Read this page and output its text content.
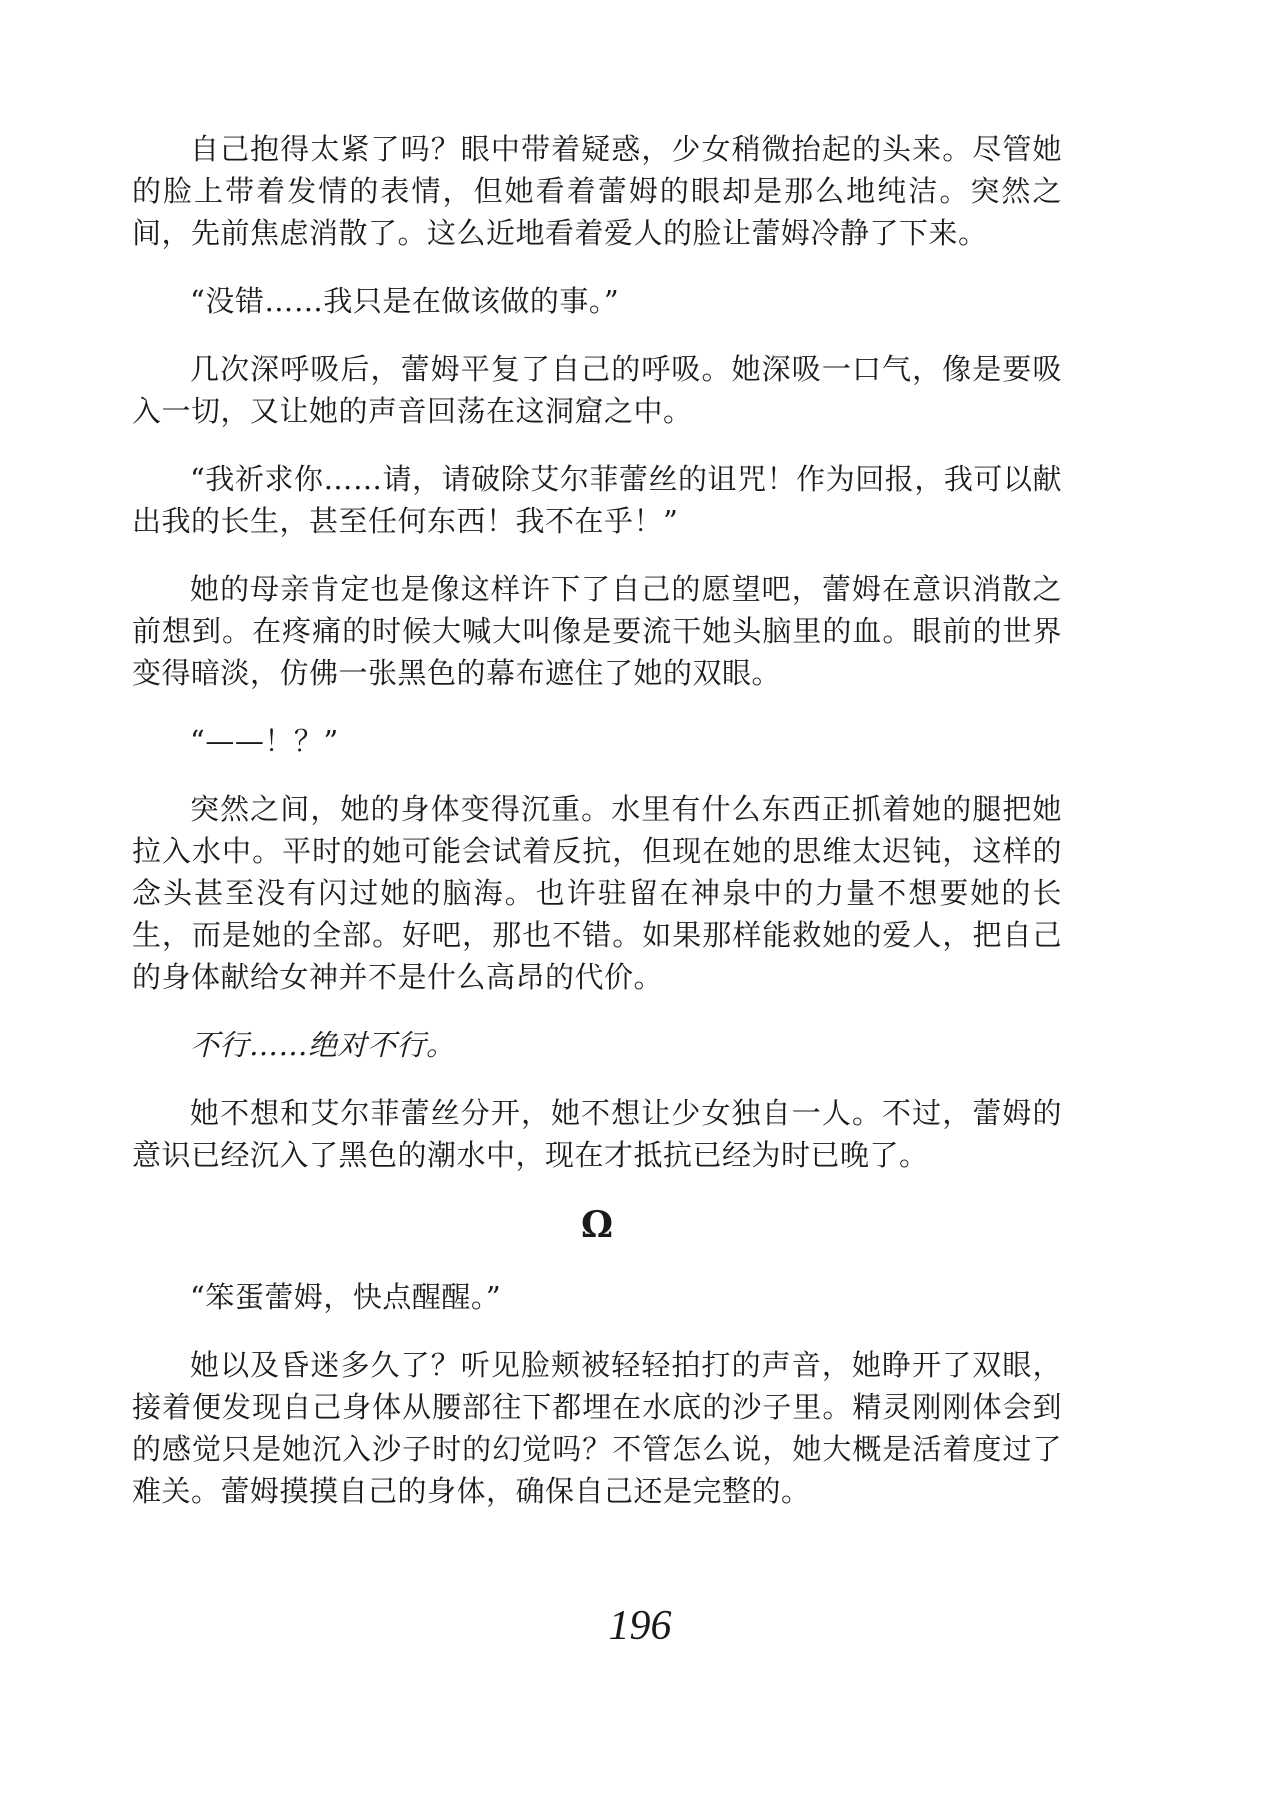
自己抱得太紧了吗？眼中带着疑惑，少女稍微抬起的头来。尽管她的脸上带着发情的表情，但她看着蕾姆的眼却是那么地纯洁。突然之间，先前焦虑消散了。这么近地看着爱人的脸让蕾姆冷静了下来。

“没错……我只是在做该做的事。”

几次深呼吸后，蕾姆平复了自己的呼吸。她深吸一口气，像是要吸入一切，又让她的声音回荡在这洞窟之中。

“我祈求你……请，请破除艾尔菲蕾丝的诅咒！作为回报，我可以献出我的长生，甚至任何东西！我不在乎！”

她的母亲肯定也是像这样许下了自己的愿望吧，蕾姆在意识消散之前想到。在疼痛的时候大喊大叫像是要流干她头脑里的血。眼前的世界变得暗淡，仿佛一张黑色的幕布遮住了她的双眼。

“——！？”

突然之间，她的身体变得沉重。水里有什么东西正抓着她的腿把她拉入水中。平时的她可能会试着反抗，但现在她的思维太迟钝，这样的念头甚至没有闪过她的脑海。也许驻留在神泉中的力量不想要她的长生，而是她的全部。好吧，那也不错。如果那样能救她的爱人，把自己的身体献给女神并不是什么高昂的代价。

不行……绝对不行。

她不想和艾尔菲蕾丝分开，她不想让少女独自一人。不过，蕾姆的意识已经沉入了黑色的潮水中，现在才抵抗已经为时已晚了。

Ω

“笨蛋蕾姆，快点醒醒。”

她以及昏迷多久了？听见脸颊被轻轻拍打的声音，她睁开了双眼，接着便发现自己身体从腰部往下都埋在水底的沙子里。精灵刚刚体会到的感觉只是她沉入沙子时的幻觉吗？不管怎么说，她大概是活着度过了难关。蕾姆摸摸自己的身体，确保自己还是完整的。

196
